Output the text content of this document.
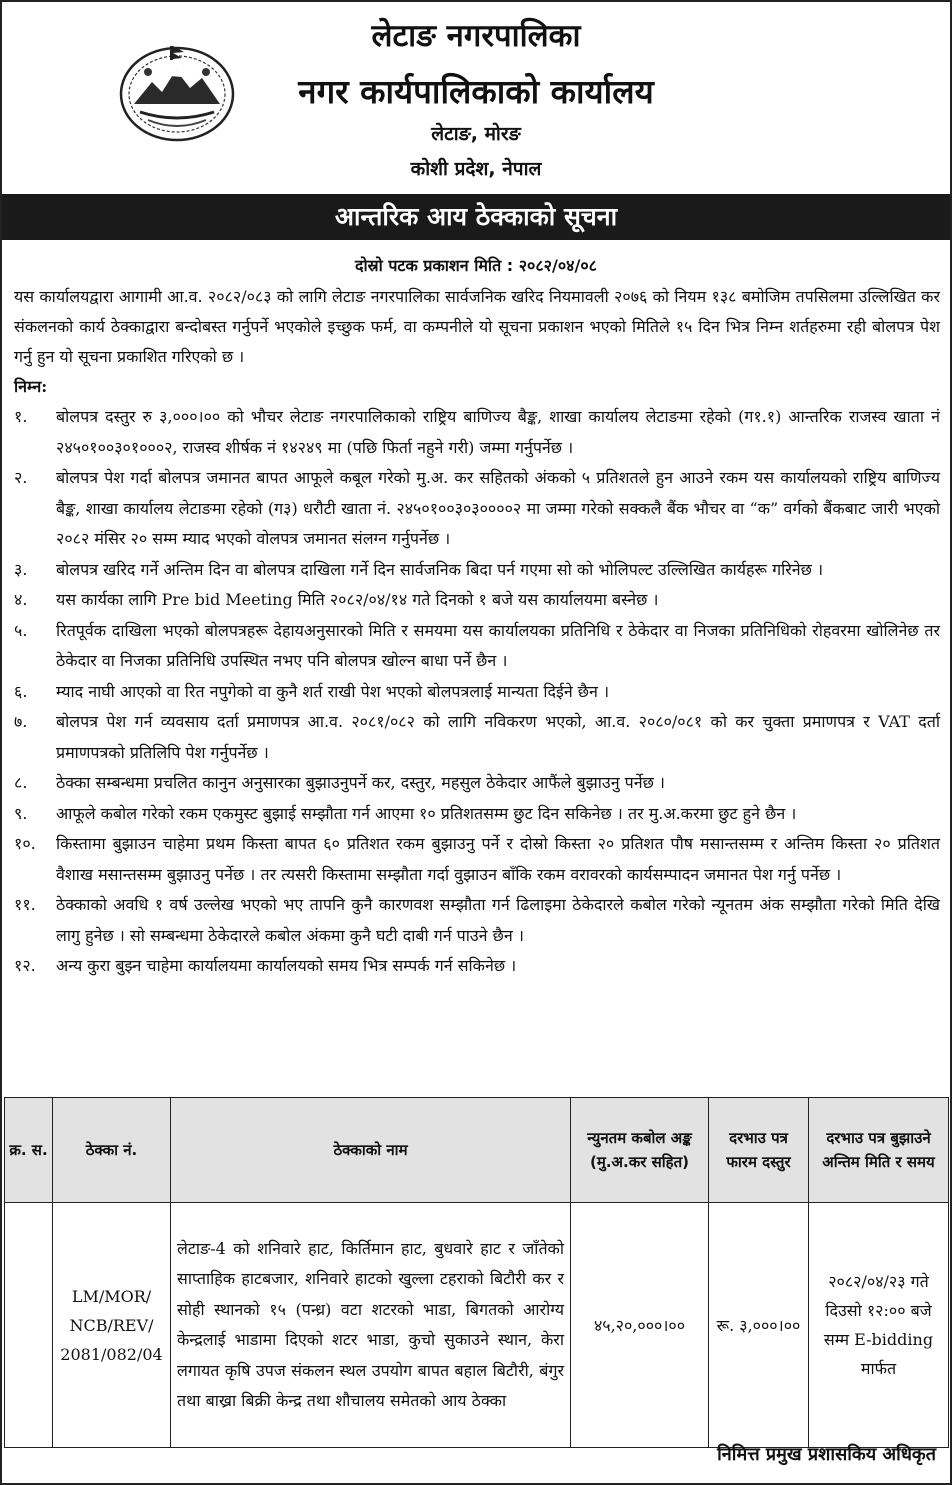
लेटाङ नगरपालिका
नगर कार्यपालिकाको कार्यालय
लेटाङ, मोरङ
कोशी प्रदेश, नेपाल
आन्तरिक आय ठेक्काको सूचना
दोस्रो पटक प्रकाशन मिति : २०८२/०४/०८

यस कार्यालयद्वारा आगामी आ.व. २०८२/०८३ को लागि लेटाङ नगरपालिका सार्वजनिक खरिद नियमावली २०७६ को नियम १३८ बमोजिम तपसिलमा उल्लिखित कर संकलनको कार्य ठेक्काद्वारा बन्दोबस्त गर्नुपर्ने भएकोले इच्छुक फर्म, वा कम्पनीले यो सूचना प्रकाशन भएको मितिले १५ दिन भित्र निम्न शर्तहरुमा रही बोलपत्र पेश गर्नु हुन यो सूचना प्रकाशित गरिएको छ ।

निम्न:

१. बोलपत्र दस्तुर रु ३,०००।०० को भौचर लेटाङ नगरपालिकाको राष्ट्रिय बाणिज्य बैङ्क, शाखा कार्यालय लेटाङमा रहेको (ग१.१) आन्तरिक राजस्व खाता नं २४५०१००३०१०००२, राजस्व शीर्षक नं १४२४९ मा (पछि फिर्ता नहुने गरी) जम्मा गर्नुपर्नेछ ।
२. बोलपत्र पेश गर्दा बोलपत्र जमानत बापत आफूले कबूल गरेको मु.अ. कर सहितको अंकको ५ प्रतिशतले हुन आउने रकम यस कार्यालयको राष्ट्रिय बाणिज्य बैङ्क, शाखा कार्यालय लेटाङमा रहेको (ग३) धरौटी खाता नं. २४५०१००३०३००००२ मा जम्मा गरेको सक्कलै बैंक भौचर वा “क” वर्गको बैंकबाट जारी भएको २०८२ मंसिर २० सम्म म्याद भएको वोलपत्र जमानत संलग्न गर्नुपर्नेछ ।
३. बोलपत्र खरिद गर्ने अन्तिम दिन वा बोलपत्र दाखिला गर्ने दिन सार्वजनिक बिदा पर्न गएमा सो को भोलिपल्ट उल्लिखित कार्यहरू गरिनेछ ।
४. यस कार्यका लागि Pre bid Meeting मिति २०८२/०४/१४ गते दिनको १ बजे यस कार्यालयमा बस्नेछ ।
५. रितपूर्वक दाखिला भएको बोलपत्रहरू देहायअनुसारको मिति र समयमा यस कार्यालयका प्रतिनिधि र ठेकेदार वा निजका प्रतिनिधिको रोहवरमा खोलिनेछ तर ठेकेदार वा निजका प्रतिनिधि उपस्थित नभए पनि बोलपत्र खोल्न बाधा पर्ने छैन ।
६. म्याद नाघी आएको वा रित नपुगेको वा कुनै शर्त राखी पेश भएको बोलपत्रलाई मान्यता दिईने छैन ।
७. बोलपत्र पेश गर्न व्यवसाय दर्ता प्रमाणपत्र आ.व. २०८१/०८२ को लागि नविकरण भएको, आ.व. २०८०/०८१ को कर चुक्ता प्रमाणपत्र र VAT दर्ता प्रमाणपत्रको प्रतिलिपि पेश गर्नुपर्नेछ ।
८. ठेक्का सम्बन्धमा प्रचलित कानुन अनुसारका बुझाउनुपर्ने कर, दस्तुर, महसुल ठेकेदार आफैंले बुझाउनु पर्नेछ ।
९. आफूले कबोल गरेको रकम एकमुस्ट बुझाई सम्झौता गर्न आएमा १० प्रतिशतसम्म छुट दिन सकिनेछ । तर मु.अ.करमा छुट हुने छैन ।
१०. किस्तामा बुझाउन चाहेमा प्रथम किस्ता बापत ६० प्रतिशत रकम बुझाउनु पर्ने र दोस्रो किस्ता २० प्रतिशत पौष मसान्तसम्म र अन्तिम किस्ता २० प्रतिशत वैशाख मसान्तसम्म बुझाउनु पर्नेछ । तर त्यसरी किस्तामा सम्झौता गर्दा वुझाउन बाँकि रकम वरावरको कार्यसम्पादन जमानत पेश गर्नु पर्नेछ ।
११. ठेक्काको अवधि १ वर्ष उल्लेख भएको भए तापनि कुनै कारणवश सम्झौता गर्न ढिलाइमा ठेकेदारले कबोल गरेको न्यूनतम अंक सम्झौता गरेको मिति देखि लागु हुनेछ । सो सम्बन्धमा ठेकेदारले कबोल अंकमा कुनै घटी दाबी गर्न पाउने छैन ।
१२. अन्य कुरा बुझ्न चाहेमा कार्यालयमा कार्यालयको समय भित्र सम्पर्क गर्न सकिनेछ ।
क्र. स.	ठेक्का नं.	ठेक्काको नाम	न्युनतम कबोल अङ्क (मु.अ.कर सहित)	दरभाउ पत्र फारम दस्तुर	दरभाउ पत्र बुझाउने अन्तिम मिति र समय
	LM/MOR/ NCB/REV/ 2081/082/04	लेटाङ-4 को शनिवारे हाट, किर्तिमान हाट, बुधवारे हाट र जाँतेको साप्ताहिक हाटबजार, शनिवारे हाटको खुल्ला टहराको बिटौरी कर र सोही स्थानको १५ (पन्ध्र) वटा शटरको भाडा, बिगतको आरोग्य केन्द्रलाई भाडामा दिएको शटर भाडा, कुचो सुकाउने स्थान, केरा लगायत कृषि उपज संकलन स्थल उपयोग बापत बहाल बिटौरी, बंगुर तथा बाख्रा बिक्री केन्द्र तथा शौचालय समेतको आय ठेक्का	४५,२०,०००।००	रू. ३,०००।००	२०८२/०४/२३ गते दिउसो १२:०० बजे सम्म E-bidding मार्फत
निमित्त प्रमुख प्रशासकिय अधिकृत
